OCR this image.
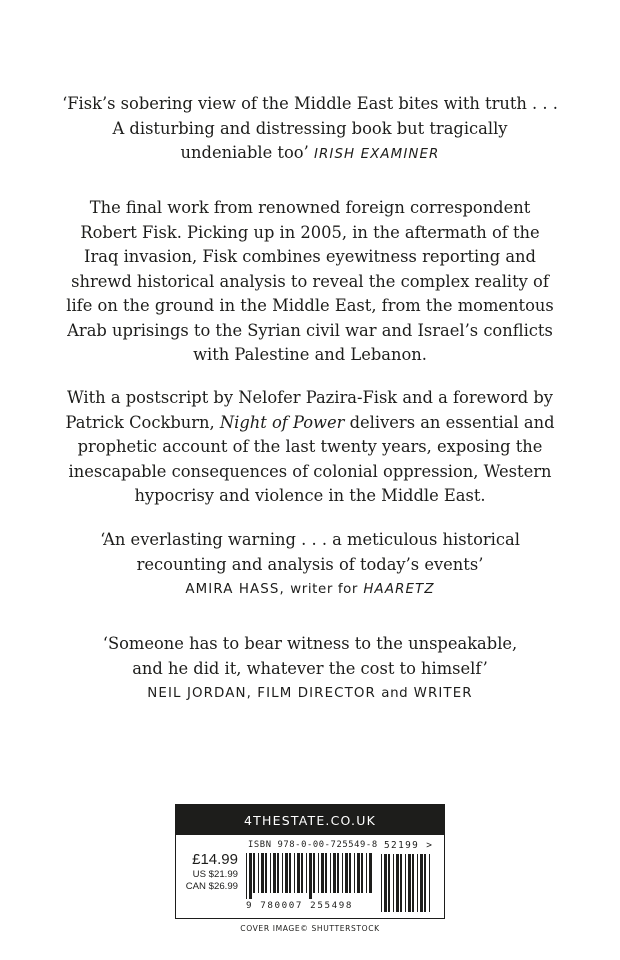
‘Fisk’s sobering view of the Middle East bites with truth . . .
A disturbing and distressing book but tragically
undeniable too’ IRISH EXAMINER

The final work from renowned foreign correspondent
Robert Fisk. Picking up in 2005, in the aftermath of the
Iraq invasion, Fisk combines eyewitness reporting and
shrewd historical analysis to reveal the complex reality of
life on the ground in the Middle East, from the momentous
Arab uprisings to the Syrian civil war and Israel’s conflicts
with Palestine and Lebanon.

With a postscript by Nelofer Pazira-Fisk and a foreword by
Patrick Cockburn, Night of Power delivers an essential and
prophetic account of the last twenty years, exposing the
inescapable consequences of colonial oppression, Western
hypocrisy and violence in the Middle East.

‘An everlasting warning . . . a meticulous historical
recounting and analysis of today’s events’

AMIRA HASS, writer for HAARETZ

‘Someone has to bear witness to the unspeakable,
and he did it, whatever the cost to himself’

NEIL JORDAN, FILM DIRECTOR and WRITER
4THESTATE.CO.UK
£14.99
US $21.99
CAN $26.99
ISBN 978-0-00-725549-8
9 780007 255498
52199 >
COVER IMAGE© SHUTTERSTOCK
